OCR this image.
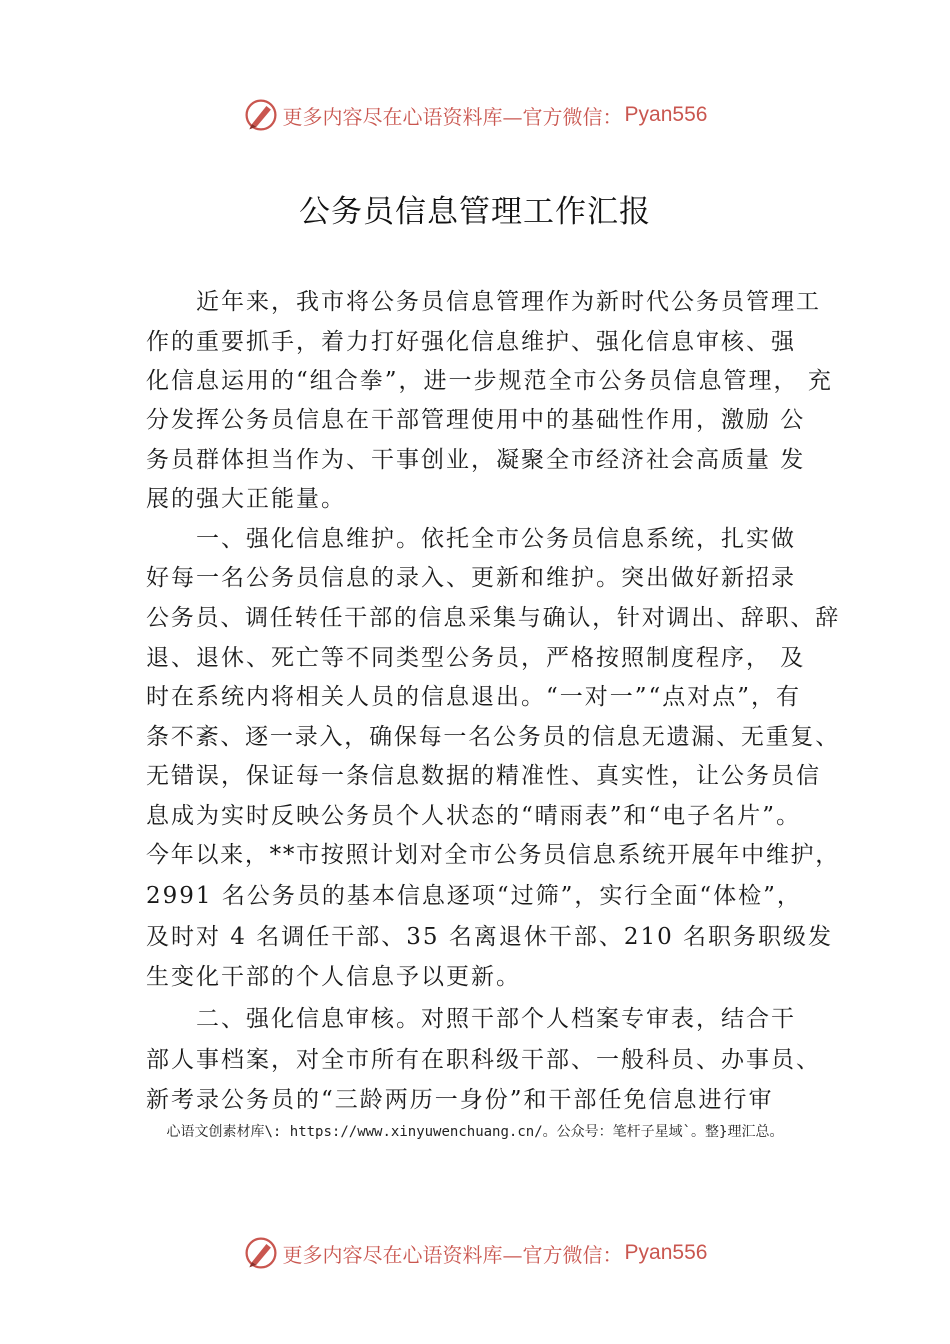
更多内容尽在心语资料库—官方微信： Pyan556
公务员信息管理工作汇报
近年来，我市将公务员信息管理作为新时代公务员管理工
作的重要抓手，着力打好强化信息维护、强化信息审核、强
化信息运用的“组合拳”，进一步规范全市公务员信息管理， 充
分发挥公务员信息在干部管理使用中的基础性作用，激励 公
务员群体担当作为、干事创业，凝聚全市经济社会高质量 发
展的强大正能量。
一、强化信息维护。依托全市公务员信息系统，扎实做
好每一名公务员信息的录入、更新和维护。突出做好新招录
公务员、调任转任干部的信息采集与确认，针对调出、辞职、辞
退、退休、死亡等不同类型公务员，严格按照制度程序， 及
时在系统内将相关人员的信息退出。“一对一”“点对点”，有
条不紊、逐一录入，确保每一名公务员的信息无遗漏、无重复、
无错误，保证每一条信息数据的精准性、真实性，让公务员信
息成为实时反映公务员个人状态的“晴雨表”和“电子名片”。
今年以来，**市按照计划对全市公务员信息系统开展年中维护，
2991 名公务员的基本信息逐项“过筛”，实行全面“体检”，
及时对 4 名调任干部、35 名离退休干部、210 名职务职级发
生变化干部的个人信息予以更新。
二、强化信息审核。对照干部个人档案专审表，结合干
部人事档案，对全市所有在职科级干部、一般科员、办事员、
新考录公务员的“三龄两历一身份”和干部任免信息进行审
心语文创素材库\: https://www.xinyuwenchuang.cn/。公众号：笔杆子星域`。整}理汇总。
更多内容尽在心语资料库—官方微信： Pyan556
